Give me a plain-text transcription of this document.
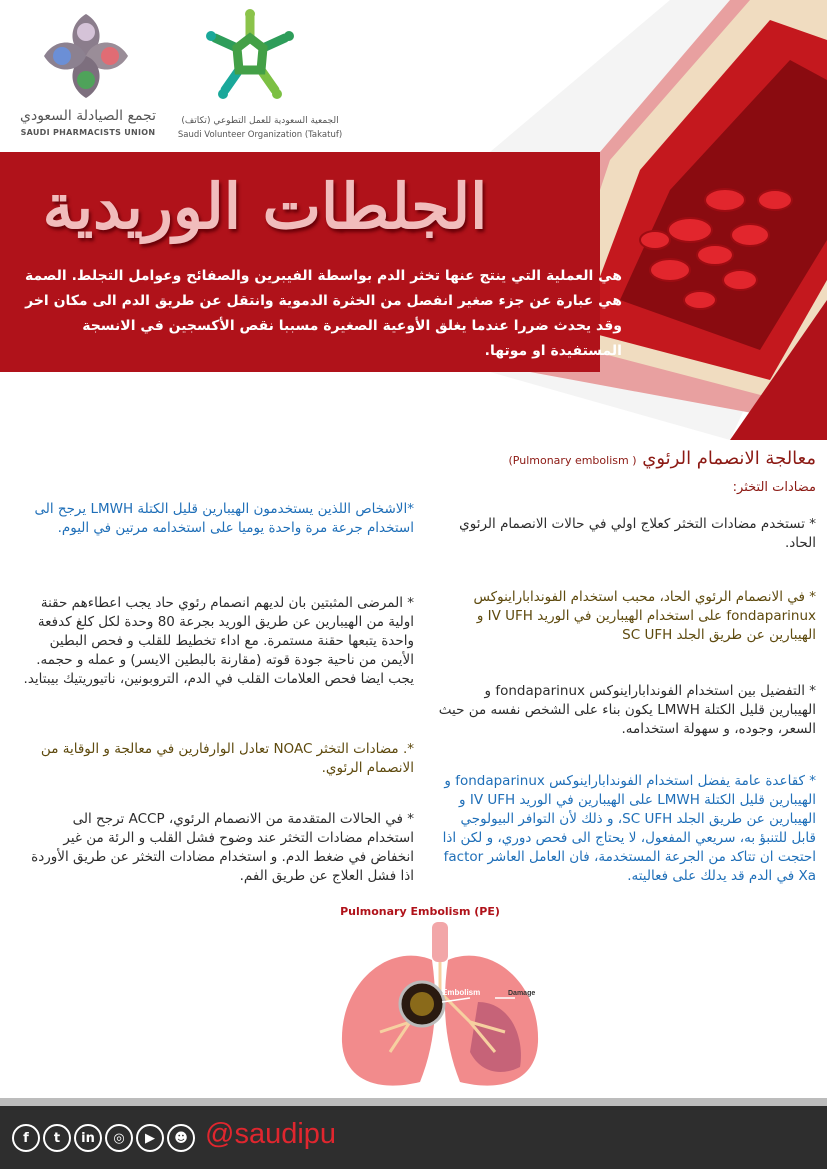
تجمع الصيادلة السعودي
SAUDI PHARMACISTS UNION
الجمعية السعودية للعمل التطوعي (تكاتف)
Saudi Volunteer Organization (Takatuf)
الجلطات الوريدية
هي العملية التي ينتج عنها تخثر الدم بواسطة الفيبرين والصفائح وعوامل التجلط. الصمة هي عبارة عن جزء صغير انفصل من الخثرة الدموية وانتقل عن طريق الدم الى مكان اخر وقد يحدث ضررا عندما يغلق الأوعية الصغيرة مسببا نقص الأكسجين في الانسجة المستفيدة او موتها.
معالجة الانصمام الرئوي ( Pulmonary embolism)
مضادات التخثر:
* تستخدم مضادات التخثر كعلاج اولي في حالات الانصمام الرئوي الحاد.
* في الانصمام الرئوي الحاد، محبب استخدام الفونداباراينوكس fondaparinux على استخدام الهيبارين في الوريد IV UFH و الهيبارين عن طريق الجلد SC UFH
* التفضيل بين استخدام الفونداباراينوكس fondaparinux و الهيبارين قليل الكتلة LMWH يكون بناء على الشخص نفسه من حيث السعر، وجوده، و سهولة استخدامه.
* كقاعدة عامة يفضل استخدام الفونداباراينوكس fondaparinux و الهيبارين قليل الكتلة LMWH على الهيبارين في الوريد IV UFH و الهيبارين عن طريق الجلد SC UFH، و ذلك لأن التوافر البيولوجي قابل للتنبؤ به، سريعي المفعول، لا يحتاج الى فحص دوري، و لكن اذا احتجت ان تتاكد من الجرعة المستخدمة، فان العامل العاشر factor Xa في الدم قد يدلك على فعاليته.
*الاشخاص اللذين يستخدمون الهيبارين قليل الكتلة LMWH يرجح الى استخدام جرعة مرة واحدة يوميا على استخدامه مرتين في اليوم.
* المرضى المثبتين بان لديهم انصمام رئوي حاد يجب اعطاءهم حقنة اولية من الهيبارين عن طريق الوريد بجرعة 80 وحدة لكل كلغ كدفعة واحدة يتبعها حقنة مستمرة. مع اداء تخطيط للقلب و فحص البطين الأيمن من ناحية جودة قوته (مقارنة بالبطين الايسر) و عمله و حجمه. يجب ايضا فحص العلامات القلب في الدم، التروبونين، ناتيوريتيك بيبتايد.
*. مضادات التخثر NOAC تعادل الوارفارين في معالجة و الوقاية من الانصمام الرئوي.
* في الحالات المتقدمة من الانصمام الرئوي، ACCP ترجح الى استخدام مضادات التخثر عند وضوح فشل القلب و الرئة من غير انخفاض في ضغط الدم. و استخدام مضادات التخثر عن طريق الأوردة اذا فشل العلاج عن طريق الفم.
Pulmonary Embolism (PE)
Embolism	Damage
f	t	in	◎	▶	☻ @saudipu
